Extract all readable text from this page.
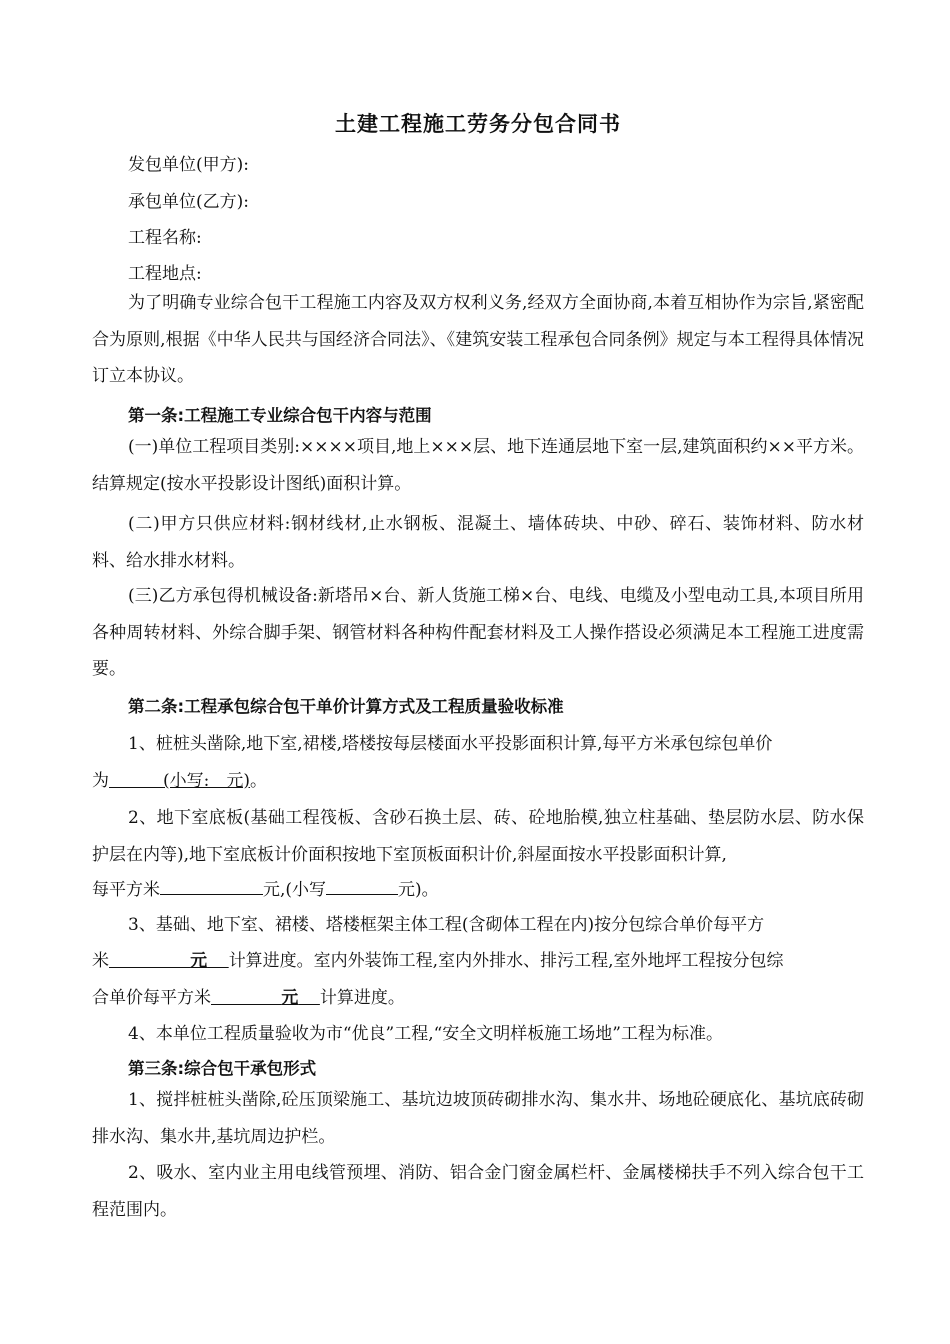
土建工程施工劳务分包合同书
发包单位(甲方):
承包单位(乙方):
工程名称:
工程地点:
为了明确专业综合包干工程施工内容及双方权利义务,经双方全面协商,本着互相协作为宗旨,紧密配合为原则,根据《中华人民共与国经济合同法》、《建筑安装工程承包合同条例》规定与本工程得具体情况订立本协议。
第一条:工程施工专业综合包干内容与范围
(一)单位工程项目类别:××××项目,地上×××层、地下连通层地下室一层,建筑面积约××平方米。结算规定(按水平投影设计图纸)面积计算。
(二)甲方只供应材料:钢材线材,止水钢板、混凝土、墙体砖块、中砂、碎石、装饰材料、防水材料、给水排水材料。
(三)乙方承包得机械设备:新塔吊×台、新人货施工梯×台、电线、电缆及小型电动工具,本项目所用各种周转材料、外综合脚手架、钢管材料各种构件配套材料及工人操作搭设必须满足本工程施工进度需要。
第二条:工程承包综合包干单价计算方式及工程质量验收标准
1、桩桩头凿除,地下室,裙楼,塔楼按每层楼面水平投影面积计算,每平方米承包综包单价
为	(小写:　元)。
2、地下室底板(基础工程筏板、含砂石换土层、砖、砼地胎模,独立柱基础、垫层防水层、防水保护层在内等),地下室底板计价面积按地下室顶板面积计价,斜屋面按水平投影面积计算,
每平方米	元,(小写	元)。
3、基础、地下室、裙楼、塔楼框架主体工程(含砌体工程在内)按分包综合单价每平方
米	元 计算进度。室内外装饰工程,室内外排水、排污工程,室外地坪工程按分包综
合单价每平方米	元 计算进度。
4、本单位工程质量验收为市“优良”工程,“安全文明样板施工场地”工程为标准。
第三条:综合包干承包形式
1、搅拌桩桩头凿除,砼压顶梁施工、基坑边坡顶砖砌排水沟、集水井、场地砼硬底化、基坑底砖砌排水沟、集水井,基坑周边护栏。
2、吸水、室内业主用电线管预埋、消防、铝合金门窗金属栏杆、金属楼梯扶手不列入综合包干工程范围内。
